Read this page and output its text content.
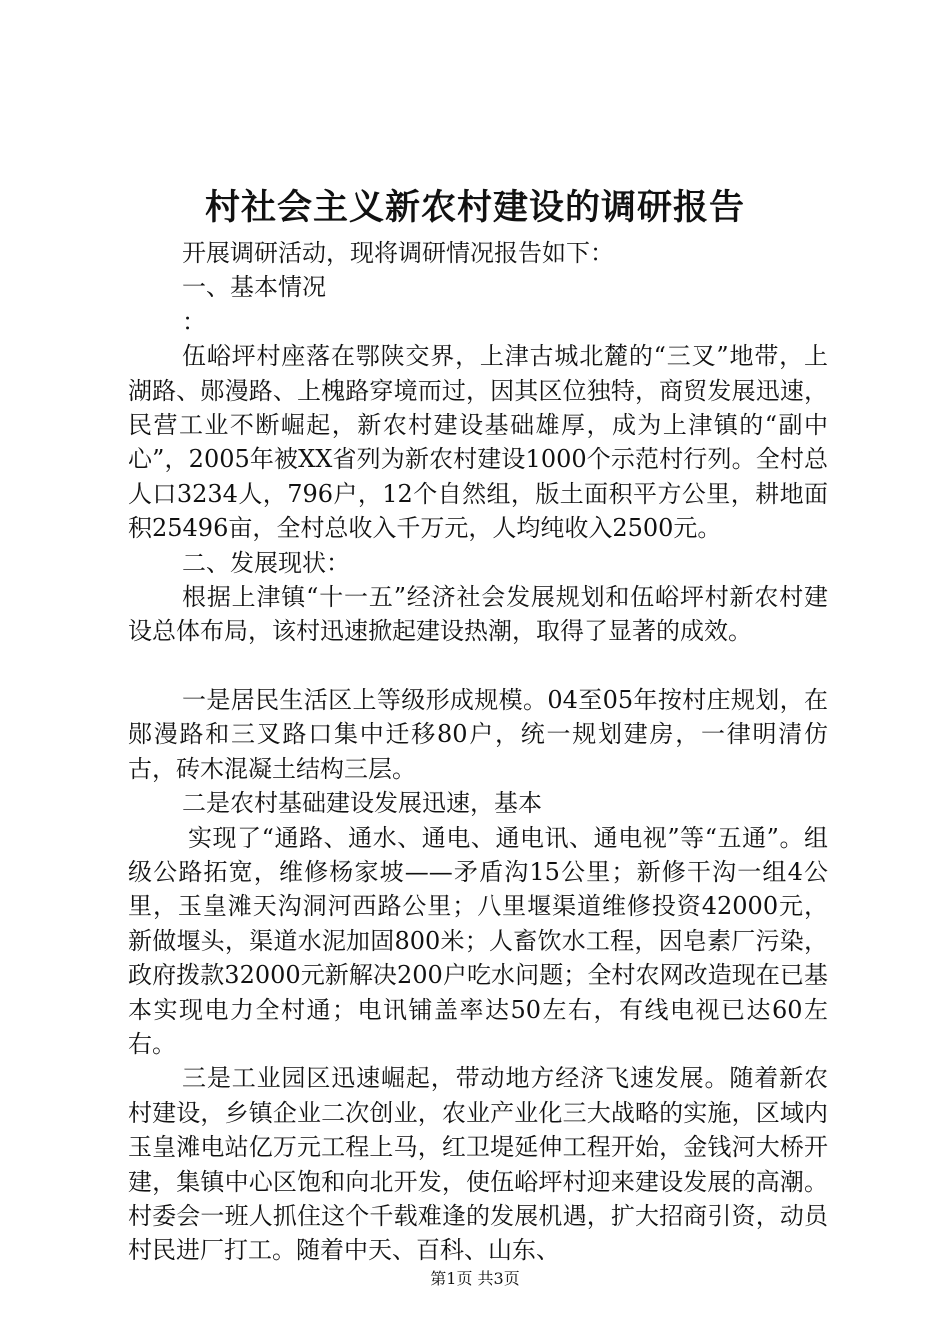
村社会主义新农村建设的调研报告

开展调研活动，现将调研情况报告如下：

一、基本情况

：

伍峪坪村座落在鄂陕交界，上津古城北麓的“三叉”地带，上湖路、郧漫路、上槐路穿境而过，因其区位独特，商贸发展迅速，民营工业不断崛起，新农村建设基础雄厚，成为上津镇的“副中心”，2005年被XX省列为新农村建设1000个示范村行列。全村总人口3234人，796户，12个自然组，版土面积平方公里，耕地面积25496亩，全村总收入千万元，人均纯收入2500元。

二、发展现状：

根据上津镇“十一五”经济社会发展规划和伍峪坪村新农村建设总体布局，该村迅速掀起建设热潮，取得了显著的成效。

一是居民生活区上等级形成规模。04至05年按村庄规划，在郧漫路和三叉路口集中迁移80户，统一规划建房，一律明清仿古，砖木混凝土结构三层。

二是农村基础建设发展迅速，基本

实现了“通路、通水、通电、通电讯、通电视”等“五通”。组级公路拓宽，维修杨家坡——矛盾沟15公里；新修干沟一组4公里，玉皇滩天沟洞河西路公里；八里堰渠道维修投资42000元，新做堰头，渠道水泥加固800米；人畜饮水工程，因皂素厂污染，政府拨款32000元新解决200户吃水问题；全村农网改造现在已基本实现电力全村通；电讯铺盖率达50左右，有线电视已达60左右。

三是工业园区迅速崛起，带动地方经济飞速发展。随着新农村建设，乡镇企业二次创业，农业产业化三大战略的实施，区域内玉皇滩电站亿万元工程上马，红卫堤延伸工程开始，金钱河大桥开建，集镇中心区饱和向北开发，使伍峪坪村迎来建设发展的高潮。村委会一班人抓住这个千载难逢的发展机遇，扩大招商引资，动员村民进厂打工。随着中天、百科、山东、

第1页 共3页
